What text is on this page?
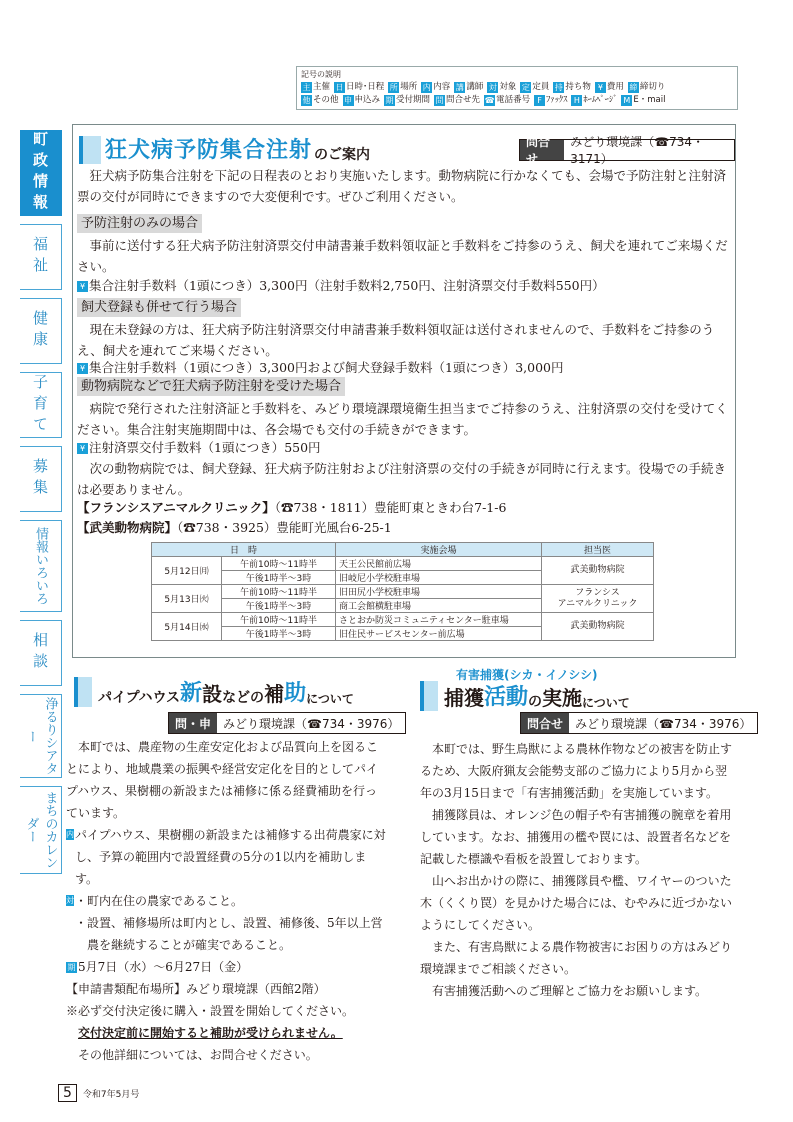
記号の説明
主 主催 日 日時･日程 所 場所 内 内容 講 講師 対 対象 定 定員 持 持ち物 ¥ 費用 締 締切り
他 その他 申 申込み 期 受付期間 問 問合せ先 ☎ 電話番号 F ﾌｧｯｸｽ H ﾎｰﾑﾍﾟｰｼﾞ M E・mail
町政情報
福祉
健康
子育て
募集
情報いろいろ
相談
浄るりシアター
まちのカレンダー
狂犬病予防集合注射 のご案内
問合せ
みどり環境課（☎734・3171）
狂犬病予防集合注射を下記の日程表のとおり実施いたします。動物病院に行かなくても、会場で予防注射と注射済票の交付が同時にできますので大変便利です。ぜひご利用ください。
予防注射のみの場合
事前に送付する狂犬病予防注射済票交付申請書兼手数料領収証と手数料をご持参のうえ、飼犬を連れてご来場ください。
¥ 集合注射手数料（1頭につき）3,300円（注射手数料2,750円、注射済票交付手数料550円）
飼犬登録も併せて行う場合
現在未登録の方は、狂犬病予防注射済票交付申請書兼手数料領収証は送付されませんので、手数料をご持参のうえ、飼犬を連れてご来場ください。
¥ 集合注射手数料（1頭につき）3,300円および飼犬登録手数料（1頭につき）3,000円
動物病院などで狂犬病予防注射を受けた場合
病院で発行された注射済証と手数料を、みどり環境課環境衛生担当までご持参のうえ、注射済票の交付を受けてください。集合注射実施期間中は、各会場でも交付の手続きができます。
¥ 注射済票交付手数料（1頭につき）550円
次の動物病院では、飼犬登録、狂犬病予防注射および注射済票の交付の手続きが同時に行えます。役場での手続きは必要ありません。
【フランシスアニマルクリニック】（☎738・1811）豊能町東ときわ台7-1-6
【武美動物病院】（☎738・3925）豊能町光風台6-25-1
日　時		実施会場	担当医
5月12日㈪	午前10時～11時半	天王公民館前広場	武美動物病院
	午後1時半～3時	旧岐尼小学校駐車場	
5月13日㈫	午前10時～11時半	旧田尻小学校駐車場	フランシス
アニマルクリニック
	午後1時半～3時	商工会館横駐車場	
5月14日㈬	午前10時～11時半	さとおか防災コミュニティセンター駐車場	武美動物病院
	午後1時半～3時	旧住民サービスセンター前広場	
パイプハウス 新 設 などの 補 助 について
問・申	みどり環境課（☎734・3976）

本町では、農産物の生産安定化および品質向上を図ることにより、地域農業の振興や経営安定化を目的としてパイプハウス、果樹棚の新設または補修に係る経費補助を行っています。

内 パイプハウス、果樹棚の新設または補修する出荷農家に対し、予算の範囲内で設置経費の5分の1以内を補助します。
対 ・町内在住の農家であること。
・設置、補修場所は町内とし、設置、補修後、5年以上営農を継続することが確実であること。
期 5月7日（水）～6月27日（金）
【申請書類配布場所】みどり環境課（西館2階）
※必ず交付決定後に購入・設置を開始してください。
交付決定前に開始すると補助が受けられません。
その他詳細については、お問合せください。
有害捕獲(シカ・イノシシ)
捕獲 活動 の 実施 について
問合せ	みどり環境課（☎734・3976）

本町では、野生鳥獣による農林作物などの被害を防止するため、大阪府猟友会能勢支部のご協力により5月から翌年の3月15日まで「有害捕獲活動」を実施しています。

捕獲隊員は、オレンジ色の帽子や有害捕獲の腕章を着用しています。なお、捕獲用の檻や罠には、設置者名などを記載した標識や看板を設置しております。

山へお出かけの際に、捕獲隊員や檻、ワイヤーのついた木（くくり罠）を見かけた場合には、むやみに近づかないようにしてください。

また、有害鳥獣による農作物被害にお困りの方はみどり環境課までご相談ください。

有害捕獲活動へのご理解とご協力をお願いします。

5	令和7年5月号
